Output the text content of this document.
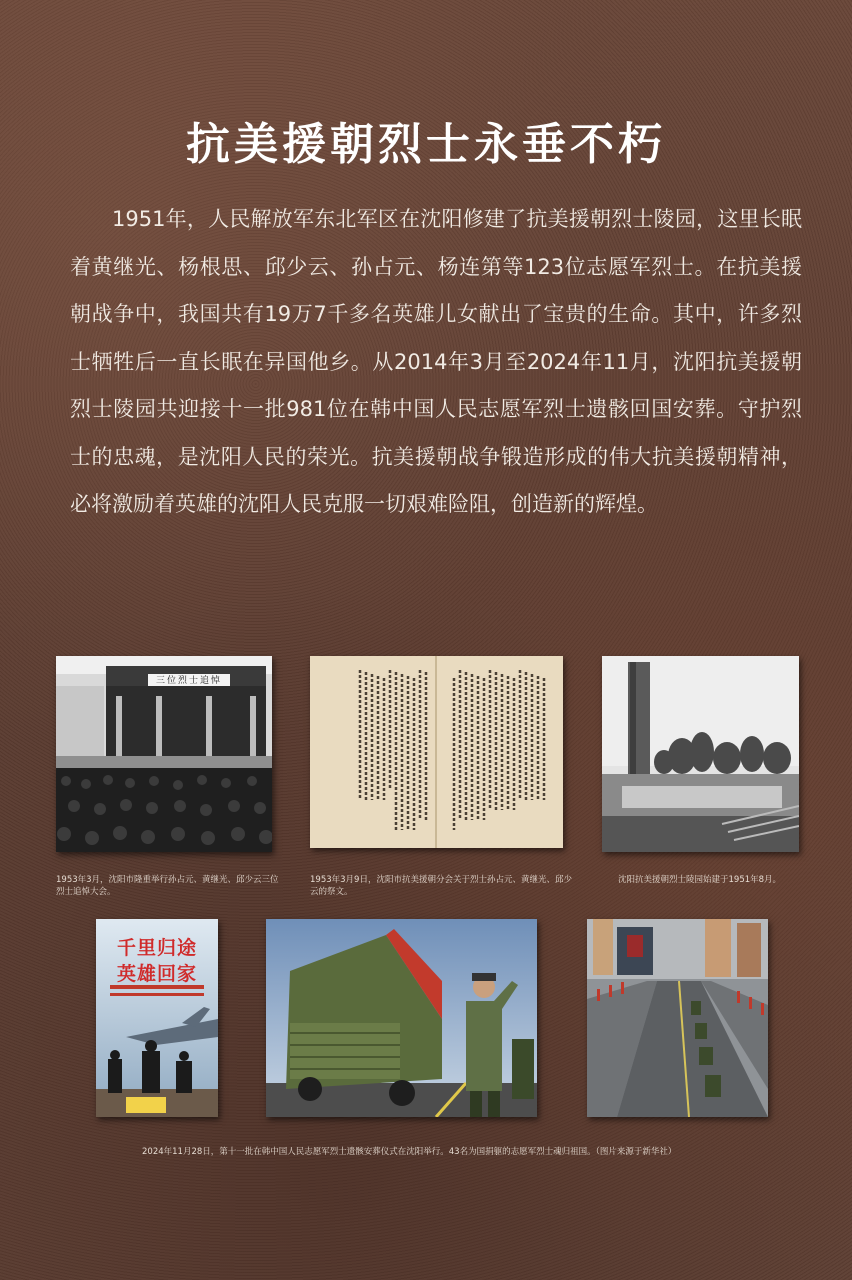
抗美援朝烈士永垂不朽

1951年，人民解放军东北军区在沈阳修建了抗美援朝烈士陵园，这里长眠着黄继光、杨根思、邱少云、孙占元、杨连第等123位志愿军烈士。在抗美援朝战争中，我国共有19万7千多名英雄儿女献出了宝贵的生命。其中，许多烈士牺牲后一直长眠在异国他乡。从2014年3月至2024年11月，沈阳抗美援朝烈士陵园共迎接十一批981位在韩中国人民志愿军烈士遗骸回国安葬。守护烈士的忠魂，是沈阳人民的荣光。抗美援朝战争锻造形成的伟大抗美援朝精神，必将激励着英雄的沈阳人民克服一切艰难险阻，创造新的辉煌。

三位烈士追悼

1953年3月，沈阳市隆重举行孙占元、黄继光、邱少云三位烈士追悼大会。

1953年3月9日，沈阳市抗美援朝分会关于烈士孙占元、黄继光、邱少云的祭文。

沈阳抗美援朝烈士陵园始建于1951年8月。

千里归途
英雄回家

2024年11月28日，第十一批在韩中国人民志愿军烈士遗骸安葬仪式在沈阳举行。43名为国捐躯的志愿军烈士魂归祖国。（图片来源于新华社）
